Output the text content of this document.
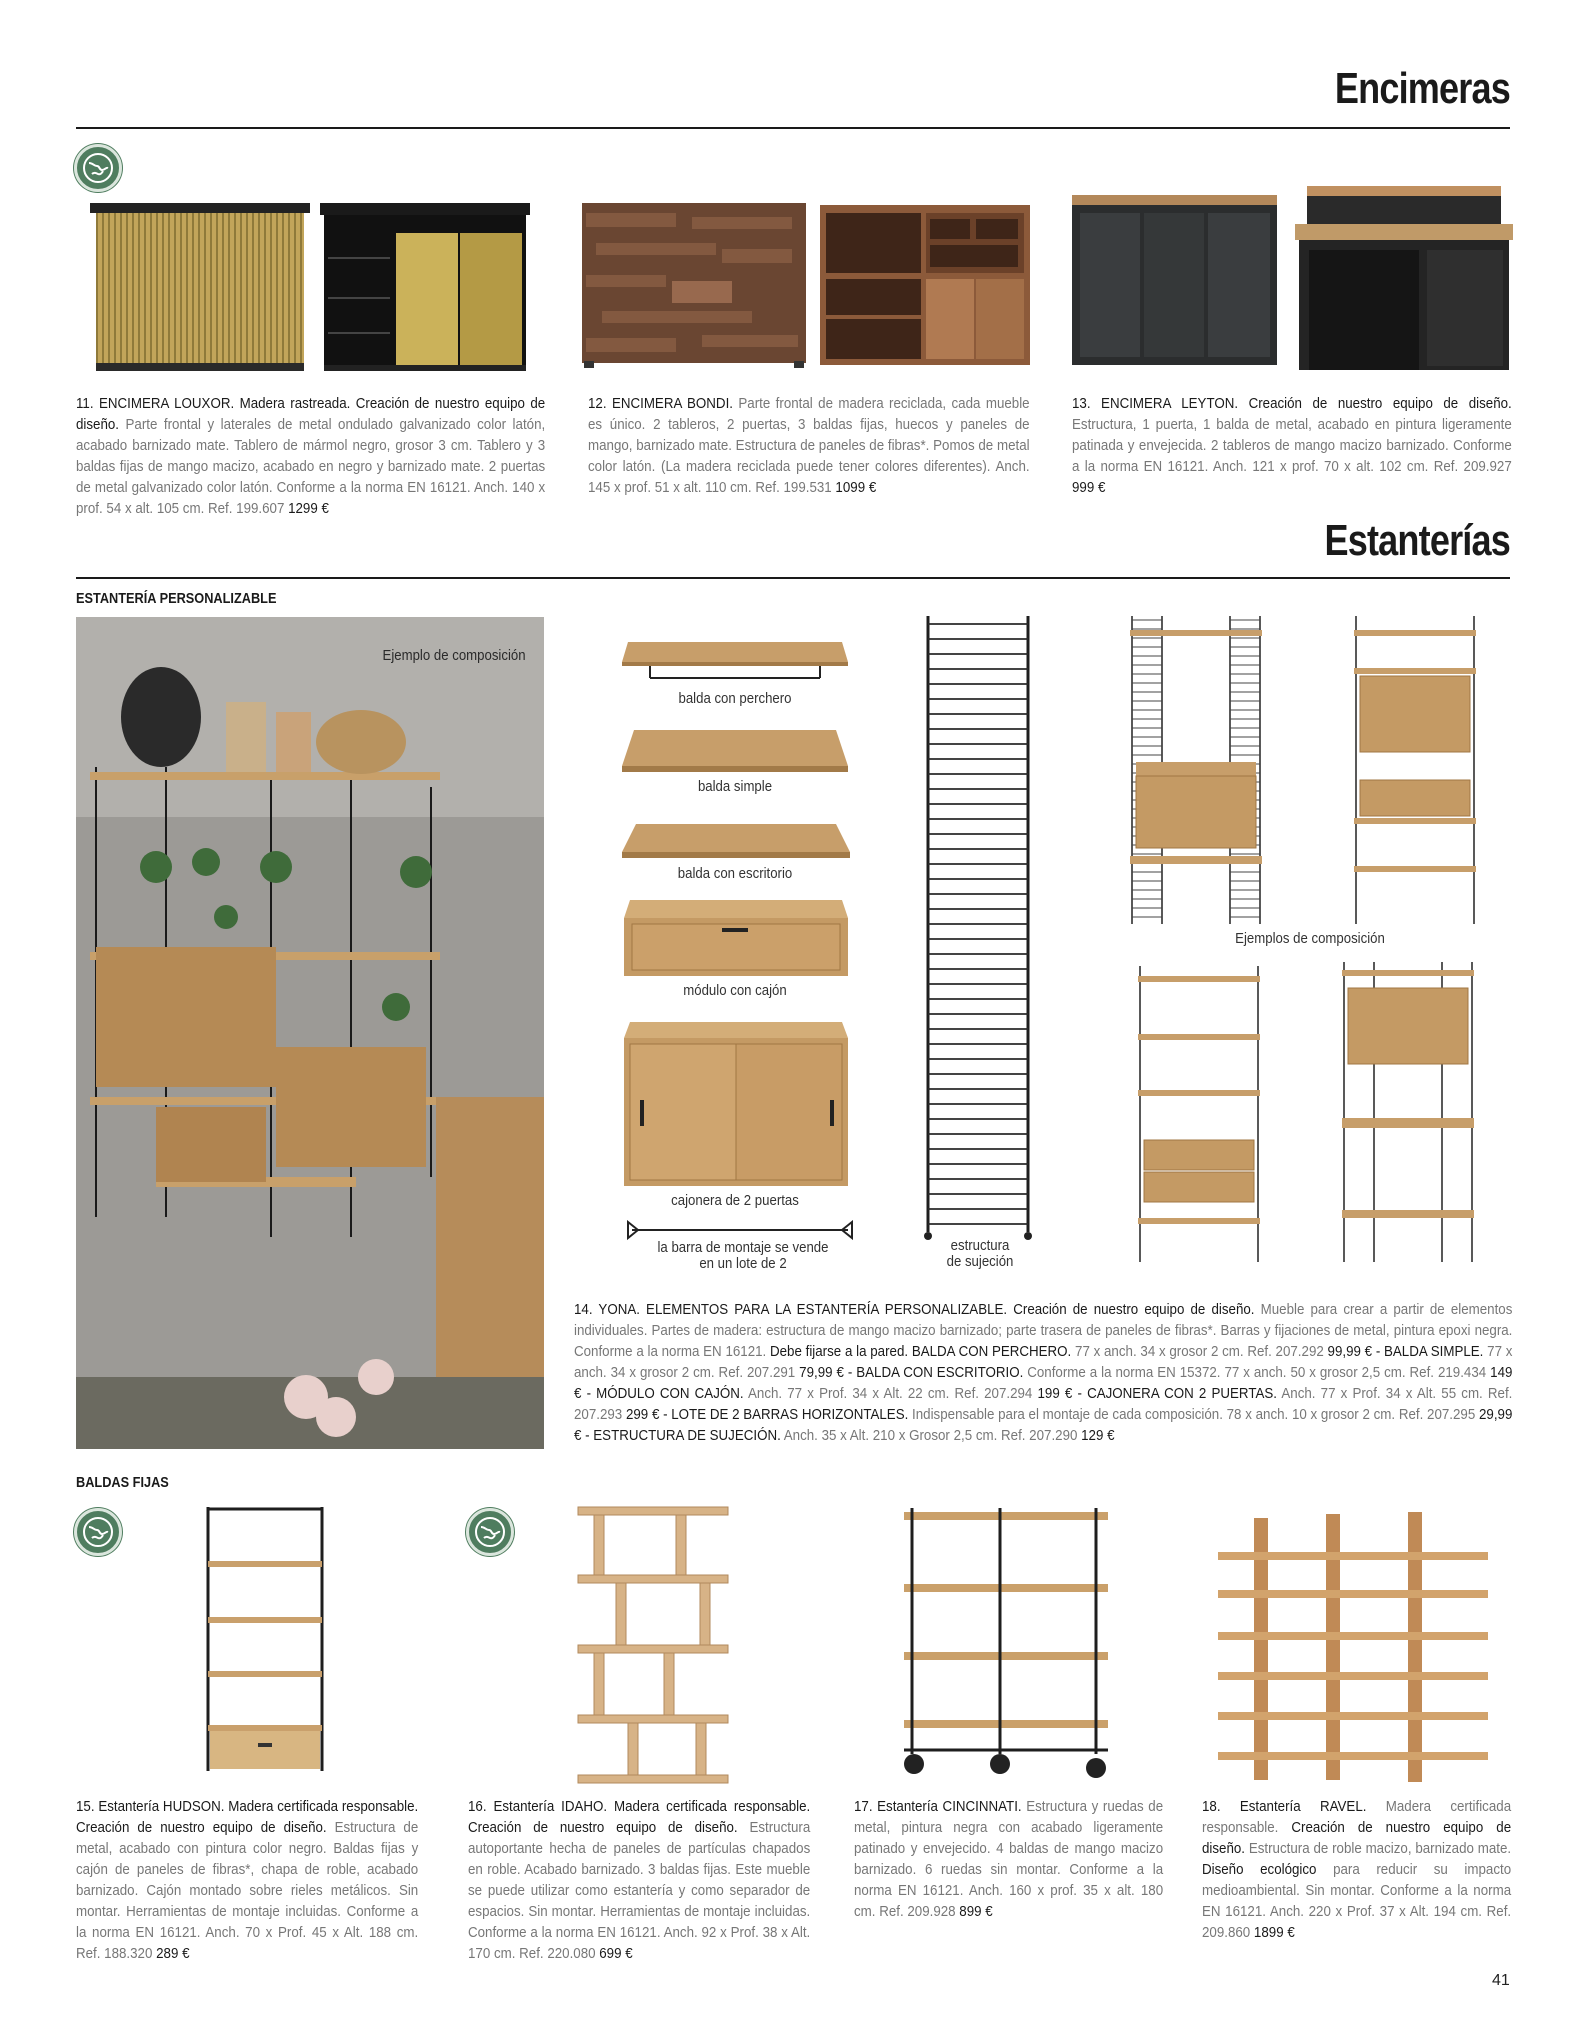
Encimeras
11. ENCIMERA LOUXOR. Madera rastreada. Creación de nuestro equipo de diseño. Parte frontal y laterales de metal ondulado galvanizado color latón, acabado barnizado mate. Tablero de mármol negro, grosor 3 cm. Tablero y 3 baldas fijas de mango macizo, acabado en negro y barnizado mate. 2 puertas de metal galvanizado color latón. Conforme a la norma EN 16121. Anch. 140 x prof. 54 x alt. 105 cm. Ref. 199.607 1299 €
12. ENCIMERA BONDI. Parte frontal de madera reciclada, cada mueble es único. 2 tableros, 2 puertas, 3 baldas fijas, huecos y paneles de mango, barnizado mate. Estructura de paneles de fibras*. Pomos de metal color latón. (La madera reciclada puede tener colores diferentes). Anch. 145 x prof. 51 x alt. 110 cm. Ref. 199.531 1099 €
13. ENCIMERA LEYTON. Creación de nuestro equipo de diseño. Estructura, 1 puerta, 1 balda de metal, acabado en pintura ligeramente patinada y envejecida. 2 tableros de mango macizo barnizado. Conforme a la norma EN 16121. Anch. 121 x prof. 70 x alt. 102 cm. Ref. 209.927 999 €
Estanterías
ESTANTERÍA PERSONALIZABLE
Ejemplo de composición
balda con perchero
balda simple
balda con escritorio
módulo con cajón
cajonera de 2 puertas
la barra de montaje se vende
en un lote de 2
estructura
de sujeción
Ejemplos de composición
14. YONA. ELEMENTOS PARA LA ESTANTERÍA PERSONALIZABLE. Creación de nuestro equipo de diseño. Mueble para crear a partir de elementos individuales. Partes de madera: estructura de mango macizo barnizado; parte trasera de paneles de fibras*. Barras y fijaciones de metal, pintura epoxi negra. Conforme a la norma EN 16121. Debe fijarse a la pared. BALDA CON PERCHERO. 77 x anch. 34 x grosor 2 cm. Ref. 207.292 99,99 € - BALDA SIMPLE. 77 x anch. 34 x grosor 2 cm. Ref. 207.291 79,99 € - BALDA CON ESCRITORIO. Conforme a la norma EN 15372. 77 x anch. 50 x grosor 2,5 cm. Ref. 219.434 149 € - MÓDULO CON CAJÓN. Anch. 77 x Prof. 34 x Alt. 22 cm. Ref. 207.294 199 € - CAJONERA CON 2 PUERTAS. Anch. 77 x Prof. 34 x Alt. 55 cm. Ref. 207.293 299 € - LOTE DE 2 BARRAS HORIZONTALES. Indispensable para el montaje de cada composición. 78 x anch. 10 x grosor 2 cm. Ref. 207.295 29,99 € - ESTRUCTURA DE SUJECIÓN. Anch. 35 x Alt. 210 x Grosor 2,5 cm. Ref. 207.290 129 €
BALDAS FIJAS
15. Estantería HUDSON. Madera certificada responsable. Creación de nuestro equipo de diseño. Estructura de metal, acabado con pintura color negro. Baldas fijas y cajón de paneles de fibras*, chapa de roble, acabado barnizado. Cajón montado sobre rieles metálicos. Sin montar. Herramientas de montaje incluidas. Conforme a la norma EN 16121. Anch. 70 x Prof. 45 x Alt. 188 cm. Ref. 188.320 289 €
16. Estantería IDAHO. Madera certificada responsable. Creación de nuestro equipo de diseño. Estructura autoportante hecha de paneles de partículas chapados en roble. Acabado barnizado. 3 baldas fijas. Este mueble se puede utilizar como estantería y como separador de espacios. Sin montar. Herramientas de montaje incluidas. Conforme a la norma EN 16121. Anch. 92 x Prof. 38 x Alt. 170 cm. Ref. 220.080 699 €
17. Estantería CINCINNATI. Estructura y ruedas de metal, pintura negra con acabado ligeramente patinado y envejecido. 4 baldas de mango macizo barnizado. 6 ruedas sin montar. Conforme a la norma EN 16121. Anch. 160 x prof. 35 x alt. 180 cm. Ref. 209.928 899 €
18. Estantería RAVEL. Madera certificada responsable. Creación de nuestro equipo de diseño. Estructura de roble macizo, barnizado mate. Diseño ecológico para reducir su impacto medioambiental. Sin montar. Conforme a la norma EN 16121. Anch. 220 x Prof. 37 x Alt. 194 cm. Ref. 209.860 1899 €
41
